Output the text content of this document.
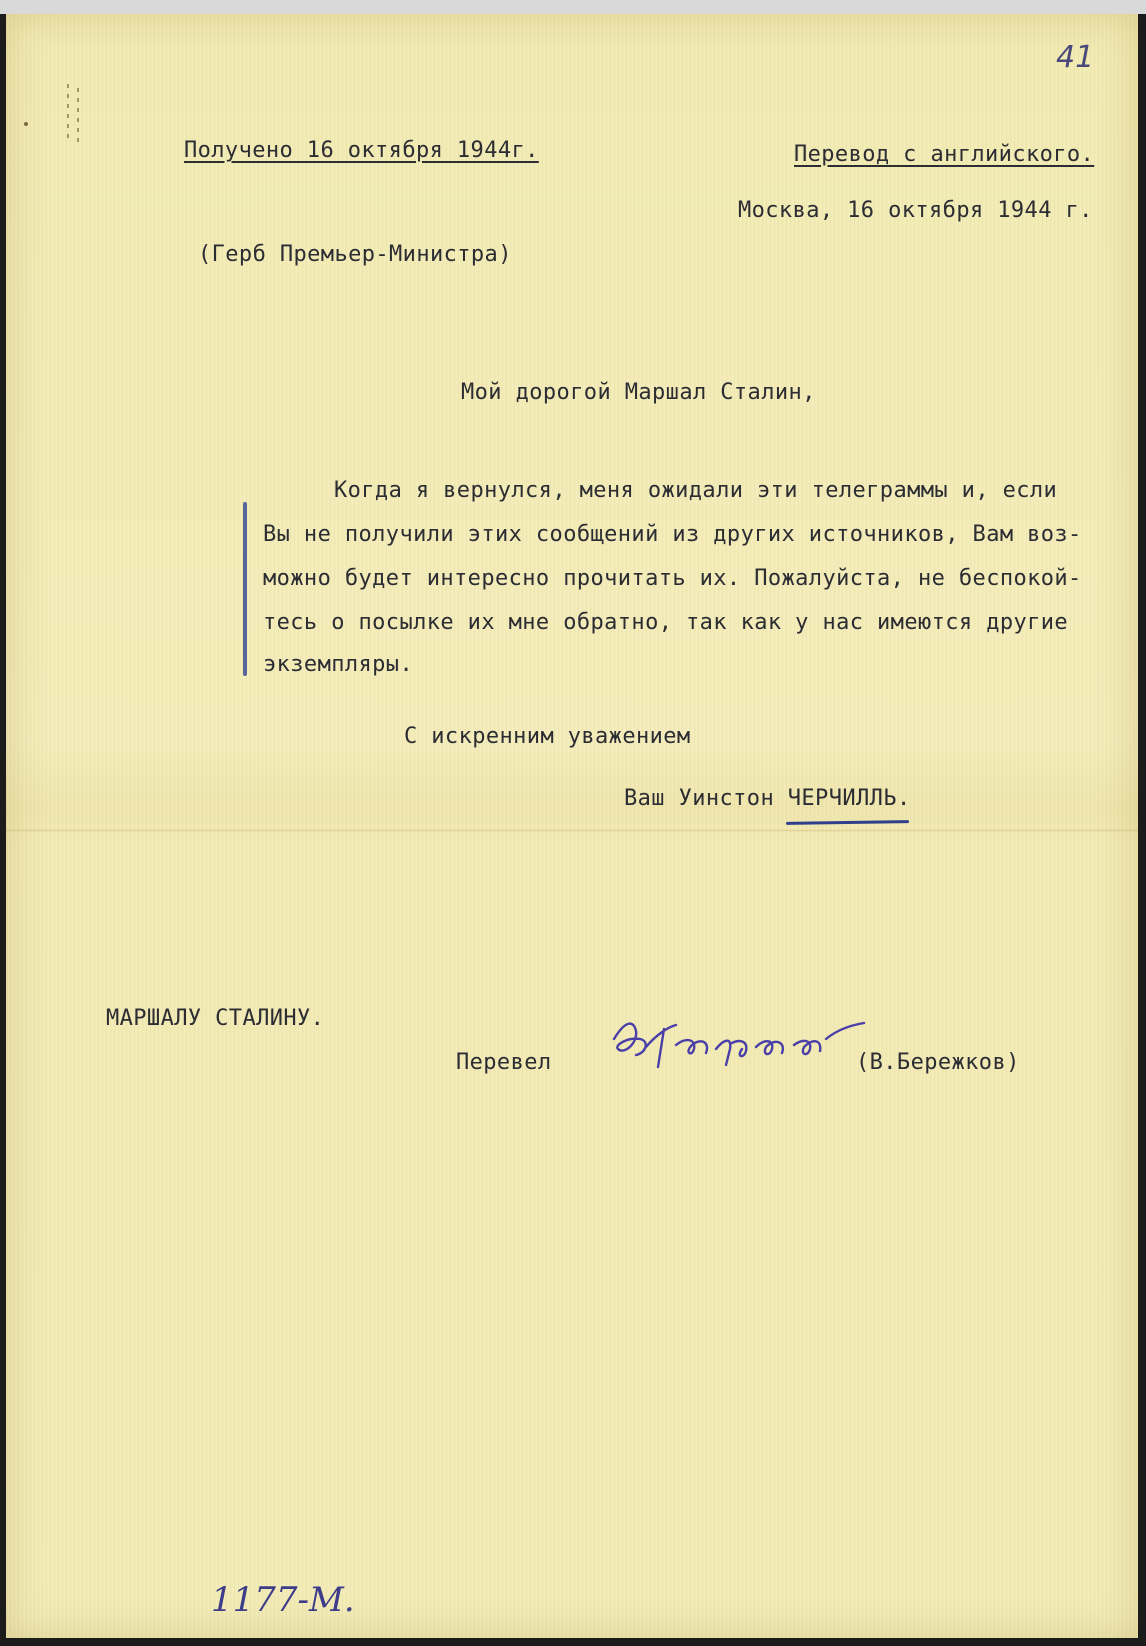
41
Получено 16 октября 1944г.	Перевод с английского.
Москва, 16 октября 1944 г.
(Герб Премьер-Министра)
Мой дорогой Маршал Сталин,
Когда я вернулся, меня ожидали эти телеграммы и, если
Вы не получили этих сообщений из других источников, Вам воз-
можно будет интересно прочитать их. Пожалуйста, не беспокой-
тесь о посылке их мне обратно, так как у нас имеются другие
экземпляры.
С искренним уважением
Ваш Уинстон ЧЕРЧИЛЛЬ.
МАРШАЛУ СТАЛИНУ.
Перевел	(В.Бережков)
1177-М.
